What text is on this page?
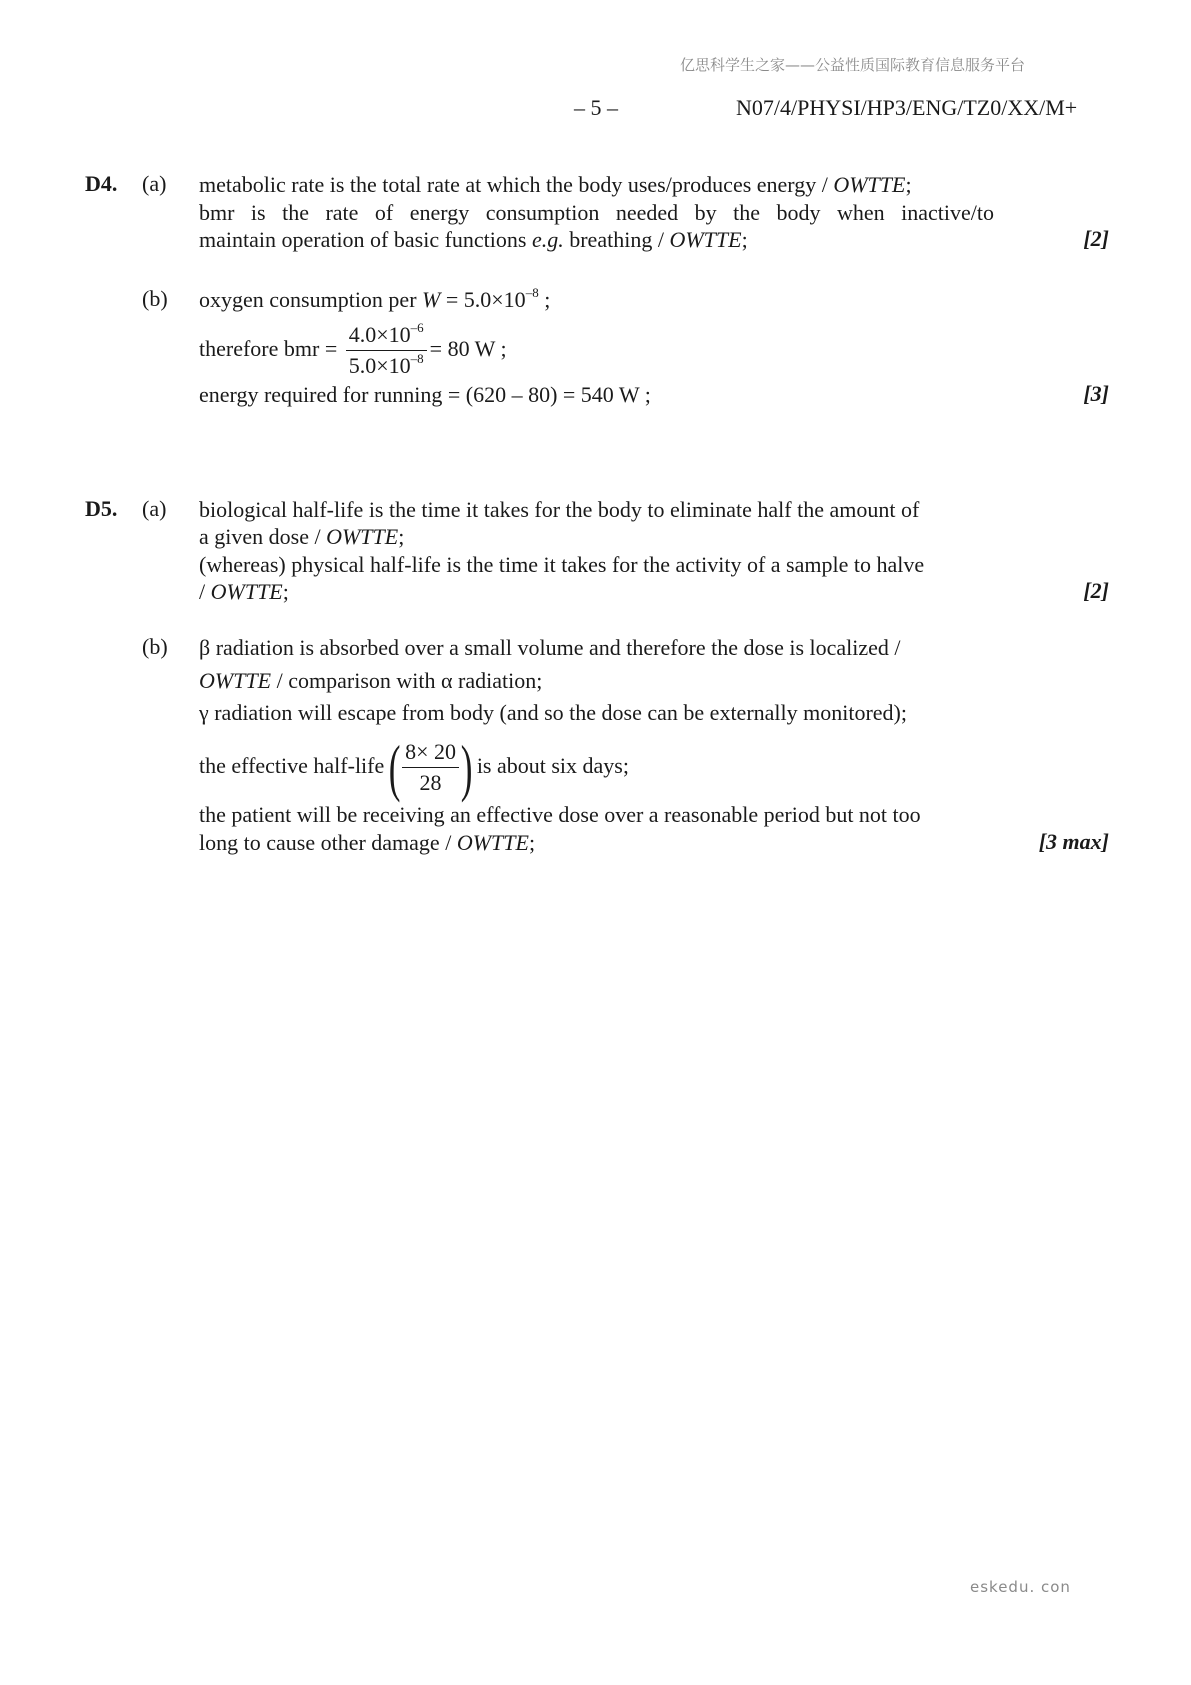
亿思科学生之家——公益性质国际教育信息服务平台
– 5 –	N07/4/PHYSI/HP3/ENG/TZ0/XX/M+
D4. (a) metabolic rate is the total rate at which the body uses/produces energy / OWTTE;
bmr is the rate of energy consumption needed by the body when inactive/to
maintain operation of basic functions e.g. breathing / OWTTE;	[2]
(b) oxygen consumption per $W = 5.0\times 10^{-8}$ ;
therefore bmr = $\frac{4.0\times 10^{-6}}{5.0\times 10^{-8}} = 80$ W ;
energy required for running = (620 – 80) = 540 W ;	[3]
D5. (a) biological half-life is the time it takes for the body to eliminate half the amount of
a given dose / OWTTE;
(whereas) physical half-life is the time it takes for the activity of a sample to halve
/ OWTTE;	[2]
(b) β radiation is absorbed over a small volume and therefore the dose is localized /
OWTTE / comparison with α radiation;
γ radiation will escape from body (and so the dose can be externally monitored);
the effective half-life ( $\frac{8\times 20}{28}$ ) is about six days;
the patient will be receiving an effective dose over a reasonable period but not too
long to cause other damage / OWTTE;	[3 max]
eskedu. con
